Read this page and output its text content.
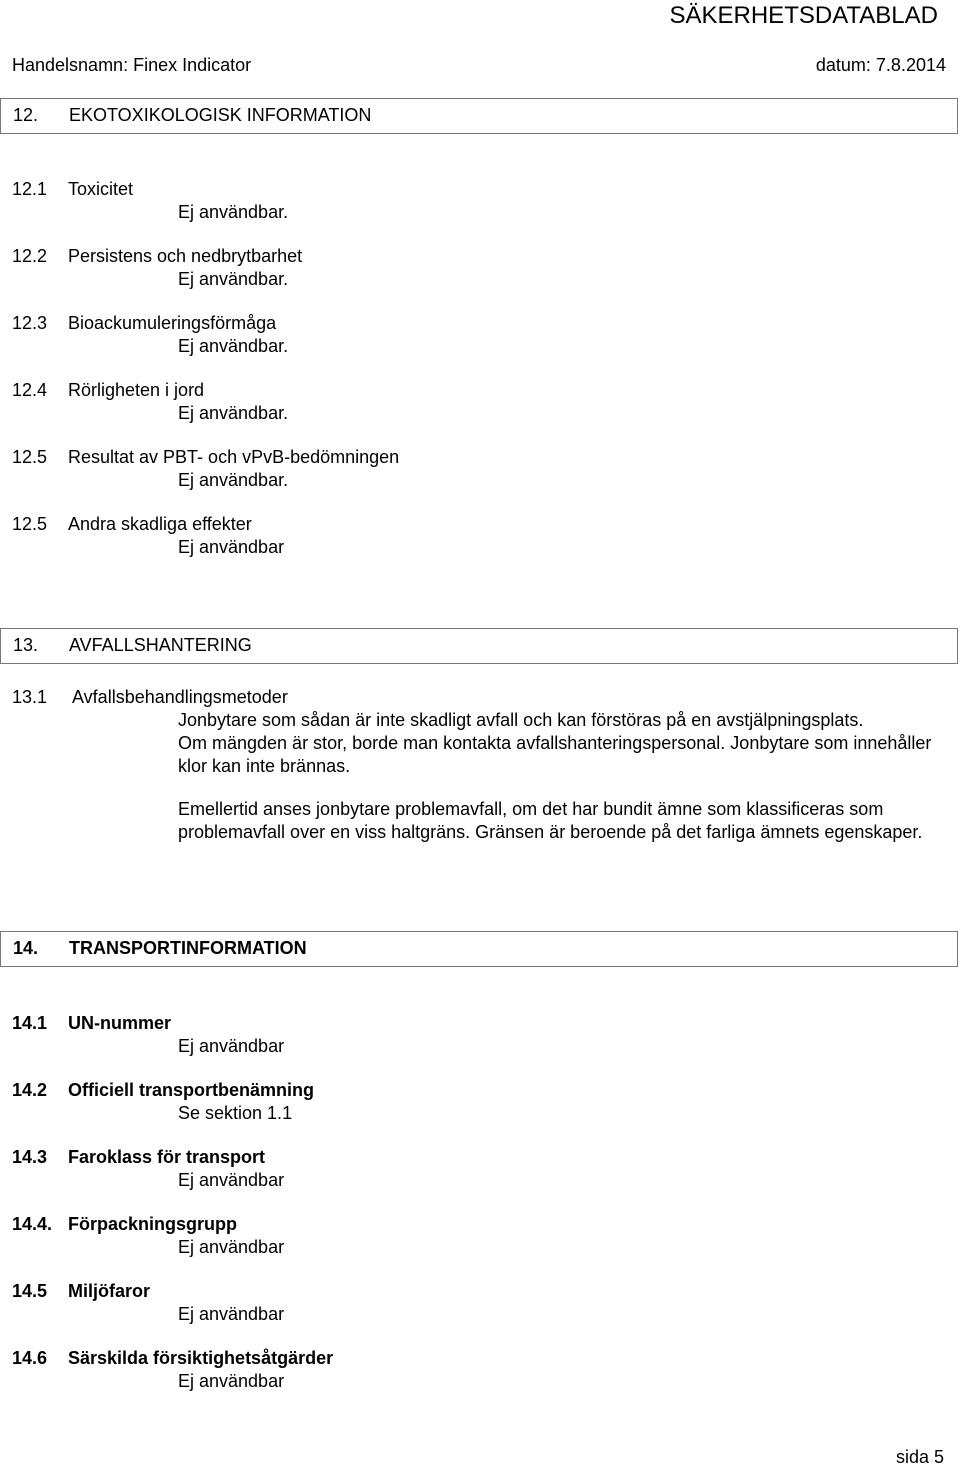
SÄKERHETSDATABLAD
Handelsnamn: Finex Indicator	datum: 7.8.2014
12. EKOTOXIKOLOGISK INFORMATION
12.1 Toxicitet
Ej användbar.
12.2 Persistens och nedbrytbarhet
Ej användbar.
12.3 Bioackumuleringsförmåga
Ej användbar.
12.4 Rörligheten i jord
Ej användbar.
12.5 Resultat av PBT- och vPvB-bedömningen
Ej användbar.
12.5 Andra skadliga effekter
Ej användbar
13. AVFALLSHANTERING
13.1 Avfallsbehandlingsmetoder
Jonbytare som sådan är inte skadligt avfall och kan förstöras på en avstjälpningsplats.
Om mängden är stor, borde man kontakta avfallshanteringspersonal. Jonbytare som innehåller klor kan inte brännas.
Emellertid anses jonbytare problemavfall, om det har bundit ämne som klassificeras som problemavfall over en viss haltgräns. Gränsen är beroende på det farliga ämnets egenskaper.
14. TRANSPORTINFORMATION
14.1 UN-nummer
Ej användbar
14.2 Officiell transportbenämning
Se sektion 1.1
14.3 Faroklass för transport
Ej användbar
14.4. Förpackningsgrupp
Ej användbar
14.5 Miljöfaror
Ej användbar
14.6 Särskilda försiktighetsåtgärder
Ej användbar
sida 5
